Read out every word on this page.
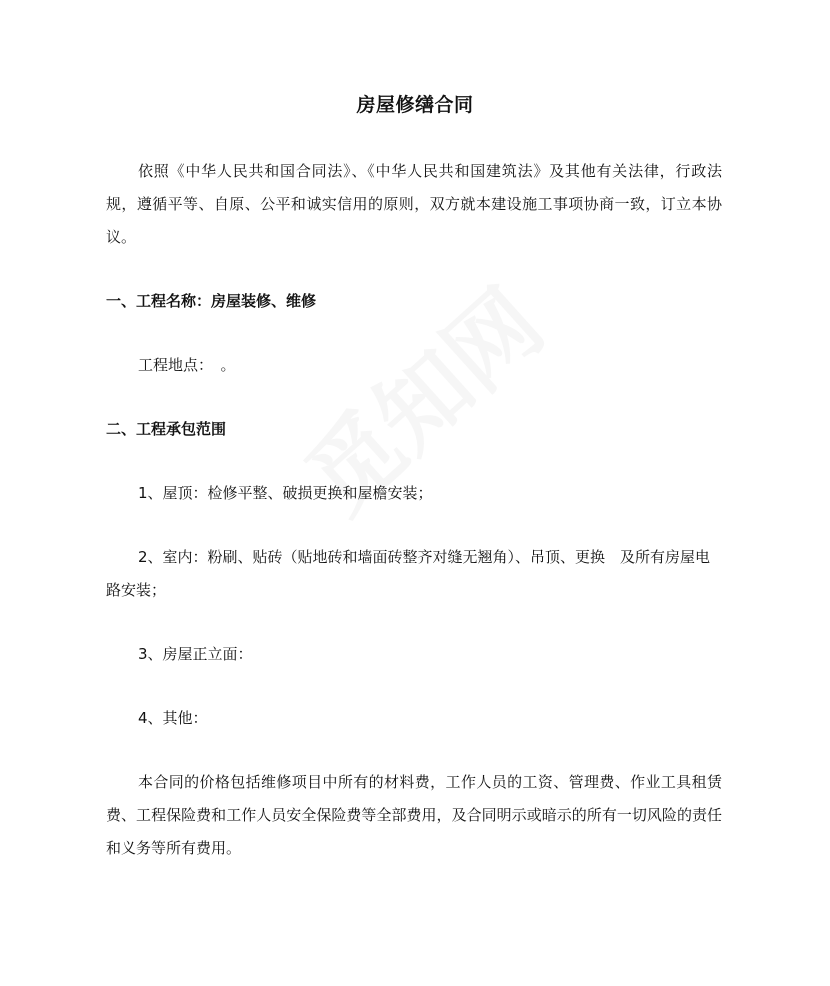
房屋修缮合同

依照《中华人民共和国合同法》、《中华人民共和国建筑法》及其他有关法律，行政法规，遵循平等、自原、公平和诚实信用的原则，双方就本建设施工事项协商一致，订立本协议。

一、工程名称：房屋装修、维修

工程地点：　。

二、工程承包范围

1、屋顶：检修平整、破损更换和屋檐安装；

2、室内：粉刷、贴砖（贴地砖和墙面砖整齐对缝无翘角）、吊顶、更换　及所有房屋电路安装；

3、房屋正立面：

4、其他：

本合同的价格包括维修项目中所有的材料费，工作人员的工资、管理费、作业工具租赁费、工程保险费和工作人员安全保险费等全部费用，及合同明示或暗示的所有一切风险的责任和义务等所有费用。
